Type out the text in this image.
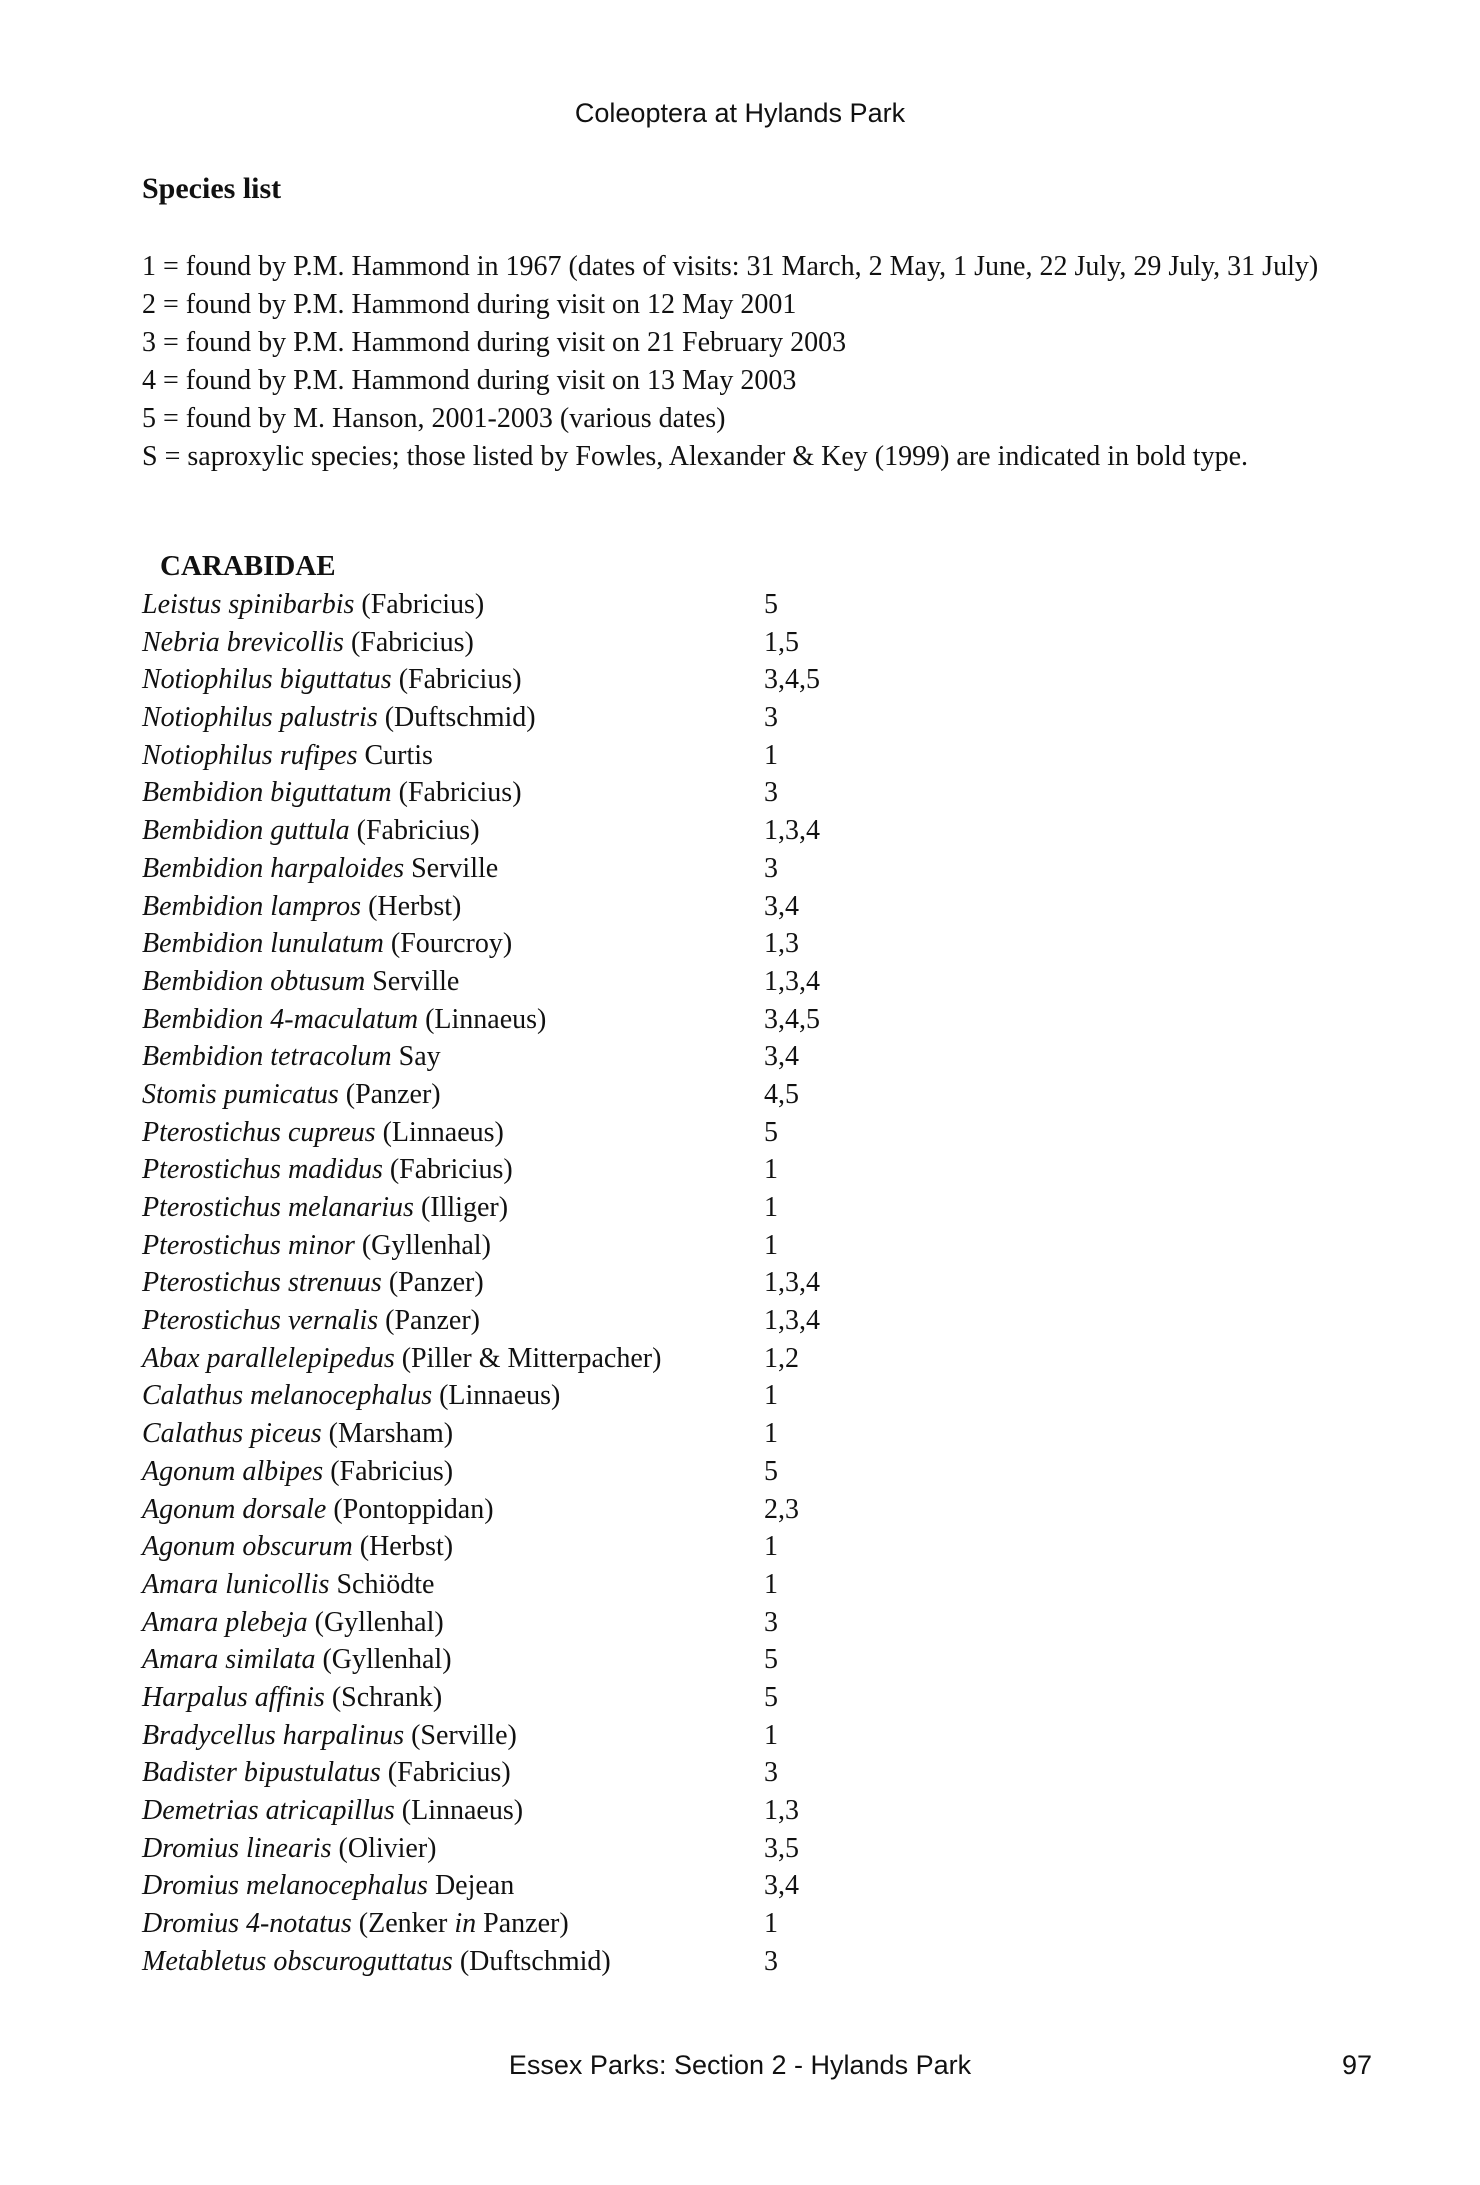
Coleoptera at Hylands Park
Species list
1 = found by P.M. Hammond in 1967 (dates of visits: 31 March, 2 May, 1 June, 22 July, 29 July, 31 July)
2 = found by P.M. Hammond during visit on 12 May 2001
3 = found by P.M. Hammond during visit on 21 February 2003
4 = found by P.M. Hammond during visit on 13 May 2003
5 = found by M. Hanson, 2001-2003 (various dates)
S = saproxylic species; those listed by Fowles, Alexander & Key (1999) are indicated in bold type.
CARABIDAE
Leistus spinibarbis (Fabricius)	5
Nebria brevicollis (Fabricius)	1,5
Notiophilus biguttatus (Fabricius)	3,4,5
Notiophilus palustris (Duftschmid)	3
Notiophilus rufipes Curtis	1
Bembidion biguttatum (Fabricius)	3
Bembidion guttula (Fabricius)	1,3,4
Bembidion harpaloides Serville	3
Bembidion lampros (Herbst)	3,4
Bembidion lunulatum (Fourcroy)	1,3
Bembidion obtusum Serville	1,3,4
Bembidion 4-maculatum (Linnaeus)	3,4,5
Bembidion tetracolum Say	3,4
Stomis pumicatus (Panzer)	4,5
Pterostichus cupreus (Linnaeus)	5
Pterostichus madidus (Fabricius)	1
Pterostichus melanarius (Illiger)	1
Pterostichus minor (Gyllenhal)	1
Pterostichus strenuus (Panzer)	1,3,4
Pterostichus vernalis (Panzer)	1,3,4
Abax parallelepipedus (Piller & Mitterpacher)	1,2
Calathus melanocephalus (Linnaeus)	1
Calathus piceus (Marsham)	1
Agonum albipes (Fabricius)	5
Agonum dorsale (Pontoppidan)	2,3
Agonum obscurum (Herbst)	1
Amara lunicollis Schiödte	1
Amara plebeja (Gyllenhal)	3
Amara similata (Gyllenhal)	5
Harpalus affinis (Schrank)	5
Bradycellus harpalinus (Serville)	1
Badister bipustulatus (Fabricius)	3
Demetrias atricapillus (Linnaeus)	1,3
Dromius linearis (Olivier)	3,5
Dromius melanocephalus Dejean	3,4
Dromius 4-notatus (Zenker in Panzer)	1
Metabletus obscuroguttatus (Duftschmid)	3
Essex Parks: Section 2 - Hylands Park	97
